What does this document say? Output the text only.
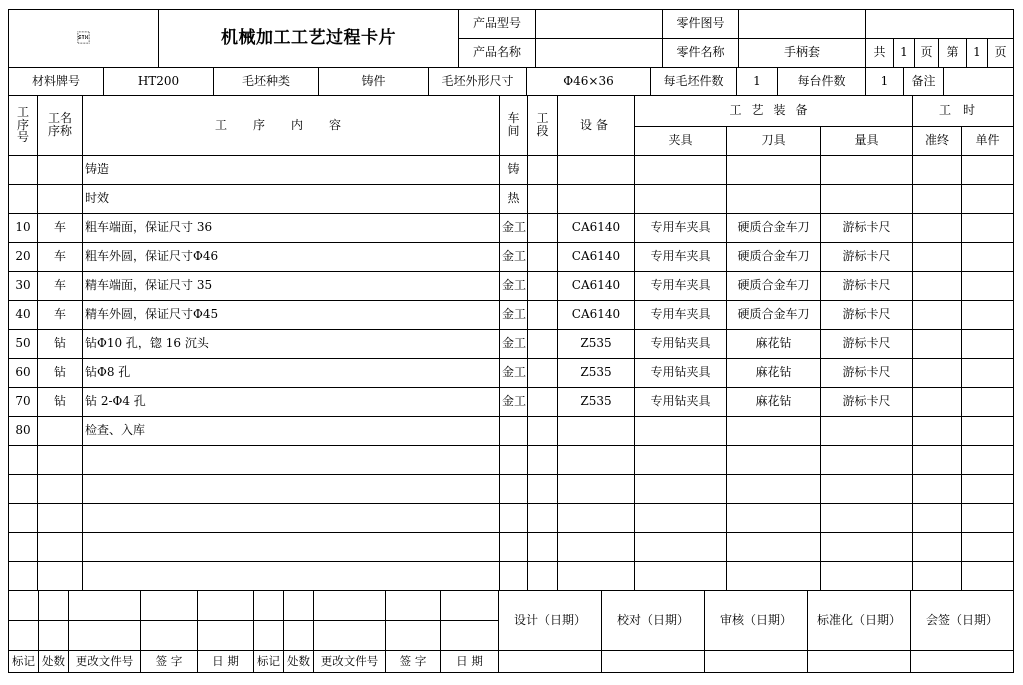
	机械加工工艺过程卡片	产品型号		零件图号							
		产品名称		零件名称	手柄套	共	1	页	第	1	页
材料牌号	HT200	毛坯种类	铸件	毛坯外形尺寸	Φ46×36	每毛坯件数	1	每台件数	1	备注	
工序号	工名序称	工序内容	车间	工段	设备	工艺装备			工时	
						夹具	刀具	量具	准终	单件
		铸造	铸							
		时效	热							
10	车	粗车端面，保证尺寸 36	金工		CA6140	专用车夹具	硬质合金车刀	游标卡尺		
20	车	粗车外圆，保证尺寸Φ46	金工		CA6140	专用车夹具	硬质合金车刀	游标卡尺		
30	车	精车端面，保证尺寸 35	金工		CA6140	专用车夹具	硬质合金车刀	游标卡尺		
40	车	精车外圆，保证尺寸Φ45	金工		CA6140	专用车夹具	硬质合金车刀	游标卡尺		
50	钻	钻Φ10 孔，锪 16 沉头	金工		Z535	专用钻夹具	麻花钻	游标卡尺		
60	钻	钻Φ8 孔	金工		Z535	专用钻夹具	麻花钻	游标卡尺		
70	钻	钻 2-Φ4 孔	金工		Z535	专用钻夹具	麻花钻	游标卡尺		
80		检查、入库								

										设计（日期）	校对（日期）	审核（日期）	标准化（日期）	会签（日期）

标记	处数	更改文件号	签 字	日 期	标记	处数	更改文件号	签 字	日 期					
